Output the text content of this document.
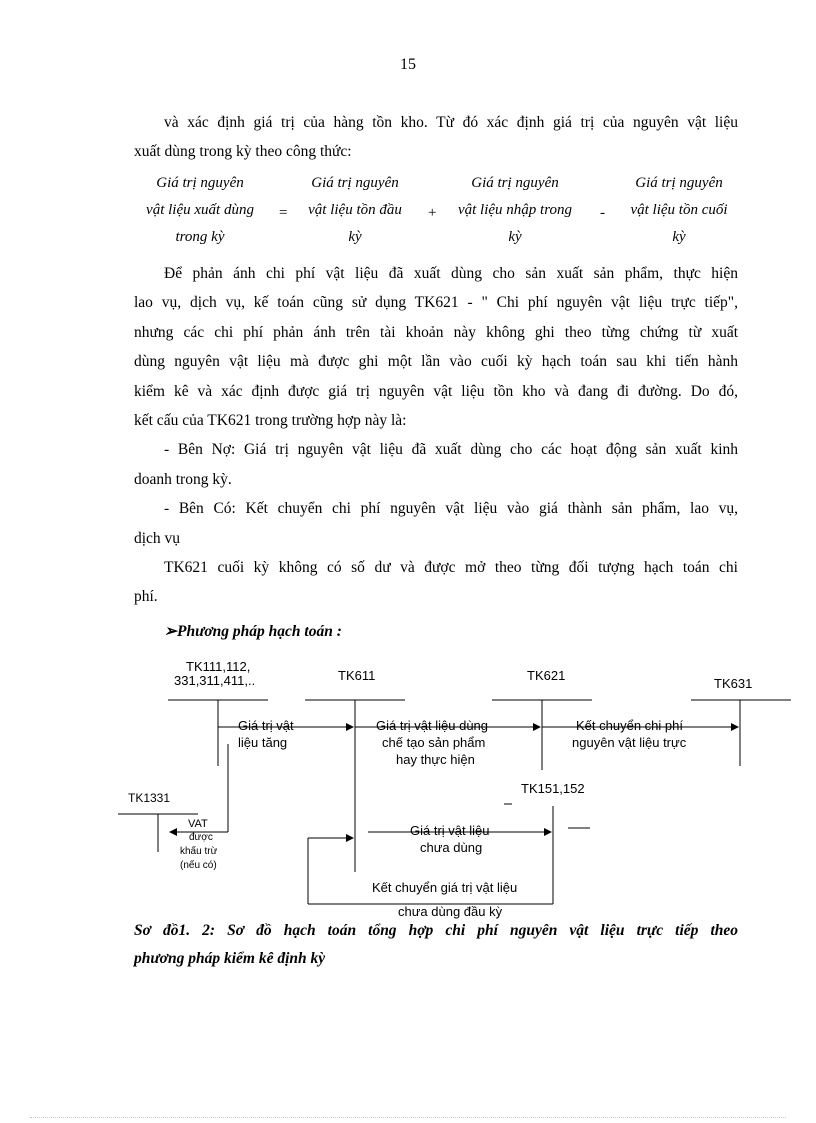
15

và xác định giá trị của hàng tồn kho. Từ đó xác định giá trị của nguyên vật liệu

xuất dùng trong kỳ theo công thức:

Giá trị nguyên
vật liệu xuất dùng
trong kỳ
=
Giá trị nguyên
vật liệu tồn đầu
kỳ
+
Giá trị nguyên
vật liệu nhập trong
kỳ
-
Giá trị nguyên
vật liệu tồn cuối
kỳ

Để phản ánh chi phí vật liệu đã xuất dùng cho sản xuất sản phẩm, thực hiện

lao vụ, dịch vụ, kế toán cũng sử dụng TK621 - " Chi phí nguyên vật liệu trực tiếp",

nhưng các chi phí phản ánh trên tài khoản này không ghi theo từng chứng từ xuất

dùng nguyên vật liệu mà được ghi một lần vào cuối kỳ hạch toán sau khi tiến hành

kiểm kê và xác định được giá trị nguyên vật liệu tồn kho và đang đi đường. Do đó,

kết cấu của TK621 trong trường hợp này là:

- Bên Nợ: Giá trị nguyên vật liệu đã xuất dùng cho các hoạt động sản xuất kinh

doanh trong kỳ.

- Bên Có: Kết chuyển chi phí nguyên vật liệu vào giá thành sản phẩm, lao vụ,

dịch vụ

TK621 cuối kỳ không có số dư và được mở theo từng đối tượng hạch toán chi

phí.

➢Phương pháp hạch toán :
TK111,112,
331,311,411,..	TK611	TK621
TK631
TK1331
TK151,152
Giá trị vật
liệu tăng
Giá trị vật liệu dùng
chế tạo sản phẩm
hay thực hiện
Kết chuyển chi phí
nguyên vật liệu trực
VAT
được
khấu trừ
(nếu có)
Giá trị vật liệu
chưa dùng
Kết chuyển giá trị vật liệu
chưa dùng đầu kỳ

Sơ đồ1. 2: Sơ đồ hạch toán tổng hợp chi phí nguyên vật liệu trực tiếp theo

phương pháp kiểm kê định kỳ
